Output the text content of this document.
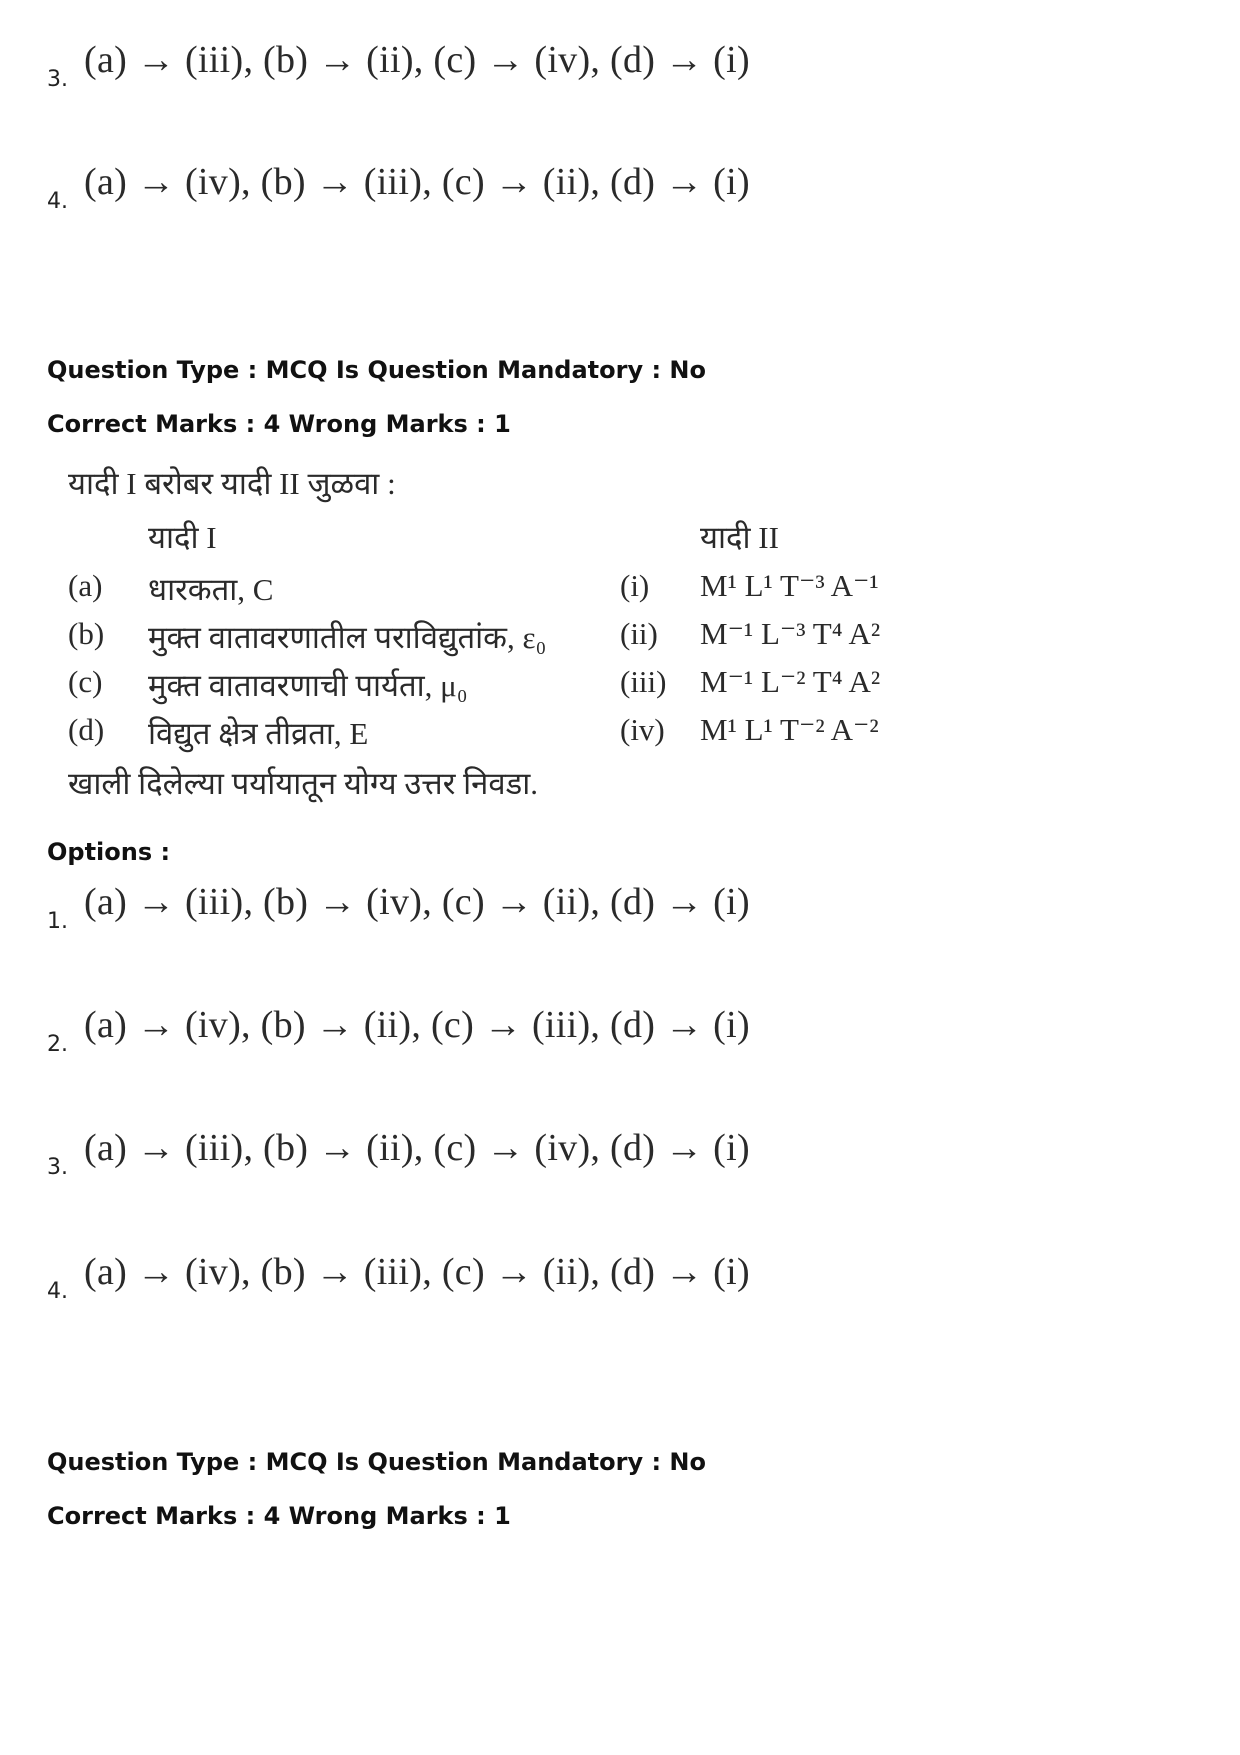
3. (a) → (iii), (b) → (ii), (c) → (iv), (d) → (i)
4. (a) → (iv), (b) → (iii), (c) → (ii), (d) → (i)
Question Type : MCQ Is Question Mandatory : No
Correct Marks : 4 Wrong Marks : 1
यादी I बरोबर यादी II जुळवा :
यादी I	यादी II
(a) धारकता, C	(i) M¹ L¹ T⁻³ A⁻¹
(b) मुक्त वातावरणातील पराविद्युतांक, ε₀ (ii) M⁻¹ L⁻³ T⁴ A²
(c) मुक्त वातावरणाची पार्यता, μ₀	(iii) M⁻¹ L⁻² T⁴ A²
(d) विद्युत क्षेत्र तीव्रता, E	(iv) M¹ L¹ T⁻² A⁻²
खाली दिलेल्या पर्यायातून योग्य उत्तर निवडा.
Options :
1. (a) → (iii), (b) → (iv), (c) → (ii), (d) → (i)
2. (a) → (iv), (b) → (ii), (c) → (iii), (d) → (i)
3. (a) → (iii), (b) → (ii), (c) → (iv), (d) → (i)
4. (a) → (iv), (b) → (iii), (c) → (ii), (d) → (i)
Question Type : MCQ Is Question Mandatory : No
Correct Marks : 4 Wrong Marks : 1
